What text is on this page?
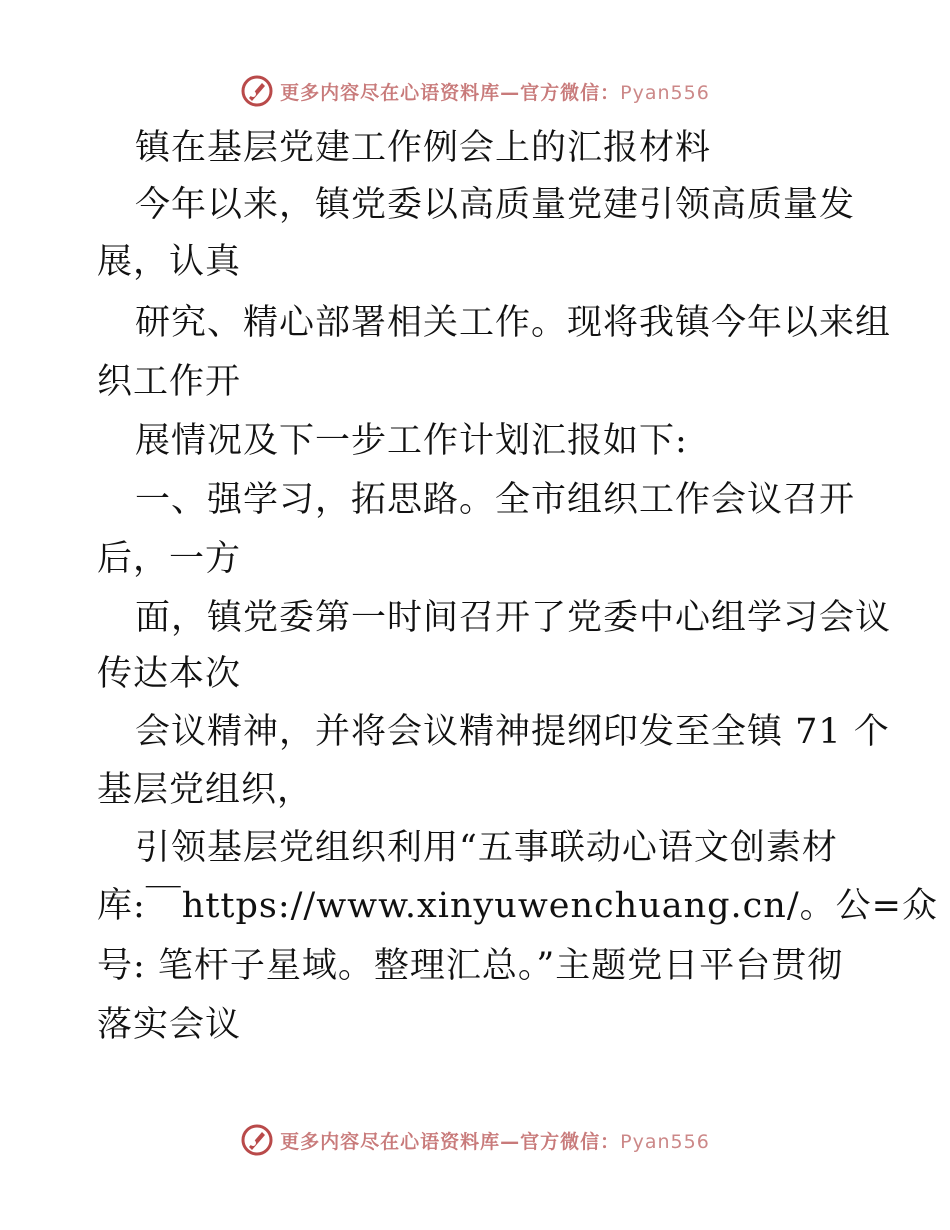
更多内容尽在心语资料库—官方微信：Pyan556
镇在基层党建工作例会上的汇报材料
今年以来，镇党委以高质量党建引领高质量发
展，认真
研究、精心部署相关工作。现将我镇今年以来组
织工作开
展情况及下一步工作计划汇报如下:
一、强学习，拓思路。全市组织工作会议召开
后，一方
面，镇党委第一时间召开了党委中心组学习会议
传达本次
会议精神，并将会议精神提纲印发至全镇 71 个
基层党组织，
引领基层党组织利用“五事联动心语文创素材
库:￣https://www.xinyuwenchuang.cn/。公=众
号: 笔杆子星域。整理汇总。”主题党日平台贯彻
落实会议
更多内容尽在心语资料库—官方微信：Pyan556
